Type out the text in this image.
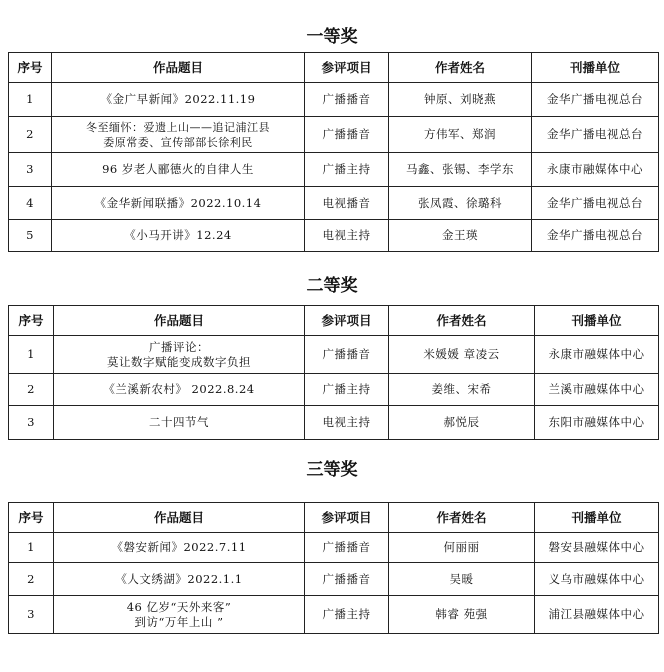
一等奖
序号	作品题目	参评项目	作者姓名	刊播单位
1	《金广早新闻》2022.11.19	广播播音	钟原、刘晓燕	金华广播电视总台
2	冬至缅怀：爱遗上山——追记浦江县
委原常委、宣传部部长徐利民	广播播音	方伟军、郑润	金华广播电视总台
3	96 岁老人郦德火的自律人生	广播主持	马鑫、张锡、李学东	永康市融媒体中心
4	《金华新闻联播》2022.10.14	电视播音	张凤霞、徐璐科	金华广播电视总台
5	《小马开讲》12.24	电视主持	金王瑛	金华广播电视总台
二等奖
序号	作品题目	参评项目	作者姓名	刊播单位
1	广播评论：
莫让数字赋能变成数字负担	广播播音	米媛媛 章凌云	永康市融媒体中心
2	《兰溪新农村》 2022.8.24	广播主持	姜维、宋希	兰溪市融媒体中心
3	二十四节气	电视主持	郝悦辰	东阳市融媒体中心
三等奖
序号	作品题目	参评项目	作者姓名	刊播单位
1	《磐安新闻》2022.7.11	广播播音	何丽丽	磐安县融媒体中心
2	《人文绣湖》2022.1.1	广播播音	吴暖	义乌市融媒体中心
3	46 亿岁“天外来客”
到访“万年上山 ”	广播主持	韩睿 苑强	浦江县融媒体中心
